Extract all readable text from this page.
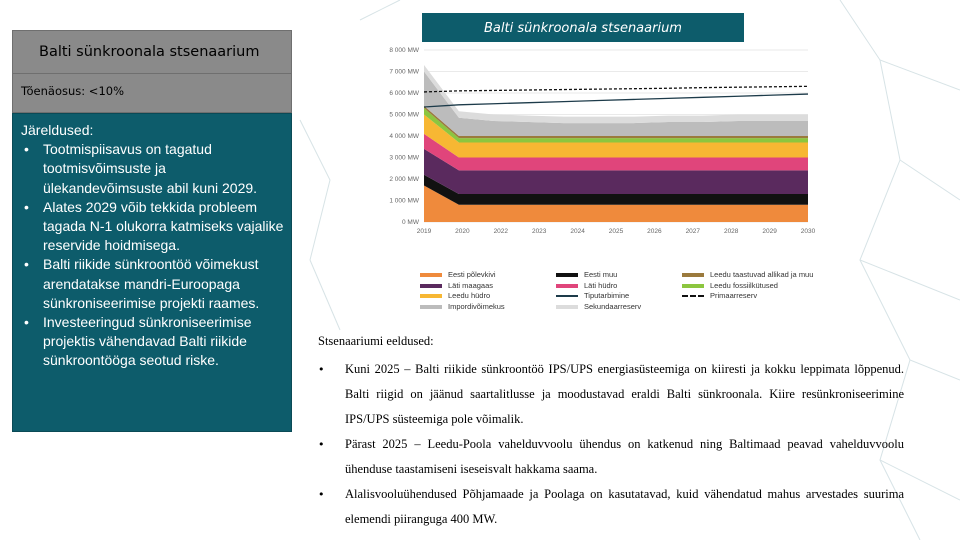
Balti sünkroonala stsenaarium
Tõenäosus: <10%
Järeldused:
• Tootmispiisavus on tagatud tootmisvõimsuste ja ülekandevõimsuste abil kuni 2029.
• Alates 2029 võib tekkida probleem tagada N-1 olukorra katmiseks vajalike reservide hoidmisega.
• Balti riikide sünkroontöö võimekust arendatakse mandri-Euroopaga sünkroniseerimise projekti raames.
• Investeeringud sünkroniseerimise projektis vähendavad Balti riikide sünkroontööga seotud riske.
Balti sünkroonala stsenaarium
0 MW
1 000 MW
2 000 MW
3 000 MW
4 000 MW
5 000 MW
6 000 MW
7 000 MW
8 000 MW
2019	2020	2022	2023	2024	2025	2026	2027	2028	2029	2030
Eesti põlevkivi	Eesti muu	Leedu taastuvad allikad ja muu
Läti maagaas	Läti hüdro	Leedu fossiilkütused
Leedu hüdro	Tiputarbimine	Primaarreserv
Impordivõimekus	Sekundaarreserv
Stsenaariumi eeldused:
• Kuni 2025 – Balti riikide sünkroontöö IPS/UPS energiasüsteemiga on kiiresti ja kokku leppimata lõppenud. Balti riigid on jäänud saartalitlusse ja moodustavad eraldi Balti sünkroonala. Kiire resünkroniseerimine IPS/UPS süsteemiga pole võimalik.
• Pärast 2025 – Leedu-Poola vahelduvvoolu ühendus on katkenud ning Baltimaad peavad vahelduvvoolu ühenduse taastamiseni iseseisvalt hakkama saama.
• Alalisvooluühendused Põhjamaade ja Poolaga on kasutatavad, kuid vähendatud mahus arvestades suurima elemendi piiranguga 400 MW.
